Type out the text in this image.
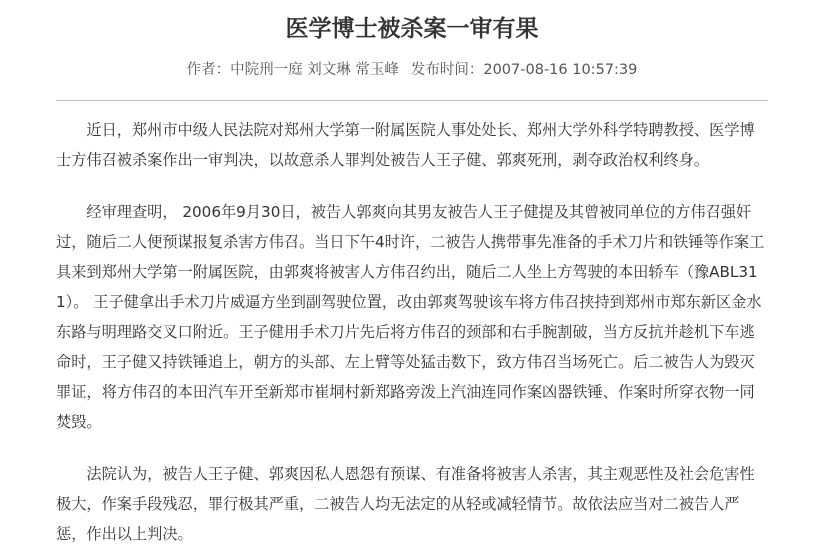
医学博士被杀案一审有果
作者：中院刑一庭 刘文琳 常玉峰 发布时间：2007-08-16 10:57:39

近日，郑州市中级人民法院对郑州大学第一附属医院人事处处长、郑州大学外科学特聘教授、医学博士方伟召被杀案作出一审判决，以故意杀人罪判处被告人王子健、郭爽死刑，剥夺政治权利终身。

经审理查明， 2006年9月30日，被告人郭爽向其男友被告人王子健提及其曾被同单位的方伟召强奸过，随后二人便预谋报复杀害方伟召。当日下午4时许，二被告人携带事先准备的手术刀片和铁锤等作案工具来到郑州大学第一附属医院，由郭爽将被害人方伟召约出，随后二人坐上方驾驶的本田轿车（豫ABL311）。 王子健拿出手术刀片威逼方坐到副驾驶位置，改由郭爽驾驶该车将方伟召挟持到郑州市郑东新区金水东路与明理路交叉口附近。王子健用手术刀片先后将方伟召的颈部和右手腕割破，当方反抗并趁机下车逃命时，王子健又持铁锤追上，朝方的头部、左上臂等处猛击数下，致方伟召当场死亡。后二被告人为毁灭罪证，将方伟召的本田汽车开至新郑市崔垌村新郑路旁泼上汽油连同作案凶器铁锤、作案时所穿衣物一同焚毁。

法院认为，被告人王子健、郭爽因私人恩怨有预谋、有准备将被害人杀害，其主观恶性及社会危害性极大，作案手段残忍，罪行极其严重，二被告人均无法定的从轻或减轻情节。故依法应当对二被告人严惩，作出以上判决。
